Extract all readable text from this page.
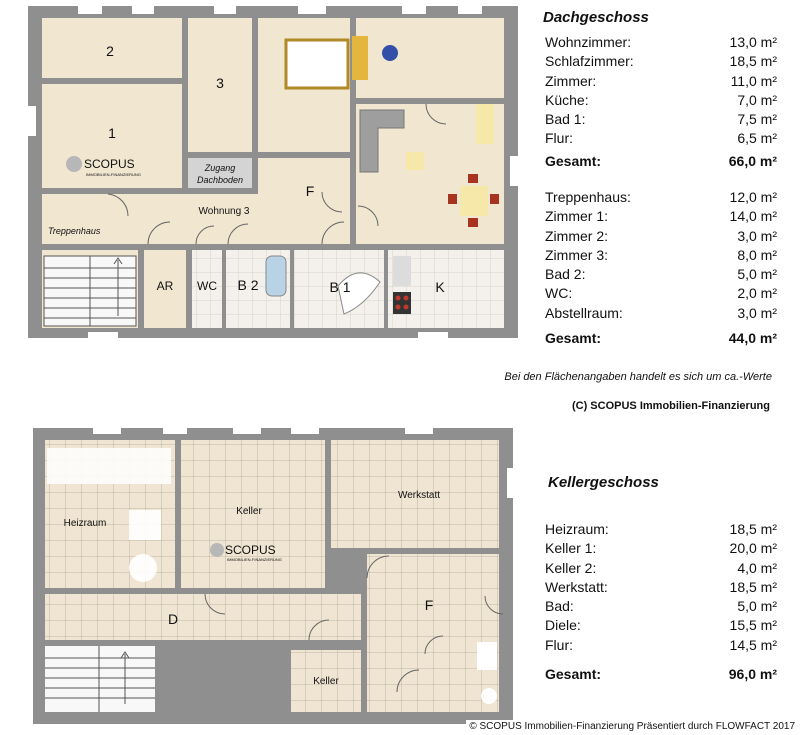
SCOPUS
IMMOBILIEN-FINANZIERUNG
2
3
1
Zugang
Dachboden
F
Wohnung 3
Treppenhaus
AR WC B 2	B 1	K
Dachgeschoss
Wohnzimmer:	13,0 m²
Schlafzimmer:	18,5 m²
Zimmer:	11,0 m²
Küche:	7,0 m²
Bad 1:	7,5 m²
Flur:	6,5 m²
Gesamt:	66,0 m²
Treppenhaus:	12,0 m²
Zimmer 1:	14,0 m²
Zimmer 2:	3,0 m²
Zimmer 3:	8,0 m²
Bad 2:	5,0 m²
WC:	2,0 m²
Abstellraum:	3,0 m²
Gesamt:	44,0 m²
Bei den Flächenangaben handelt es sich um ca.-Werte
(C) SCOPUS Immobilien-Finanzierung
SCOPUS
IMMOBILIEN-FINANZIERUNG
Heizraum
Keller
Werkstatt
D
F
Keller
Kellergeschoss
Heizraum:	18,5 m²
Keller 1:	20,0 m²
Keller 2:	4,0 m²
Werkstatt:	18,5 m²
Bad:	5,0 m²
Diele:	15,5 m²
Flur:	14,5 m²
Gesamt:	96,0 m²
© SCOPUS Immobilien-Finanzierung Präsentiert durch FLOWFACT 2017
